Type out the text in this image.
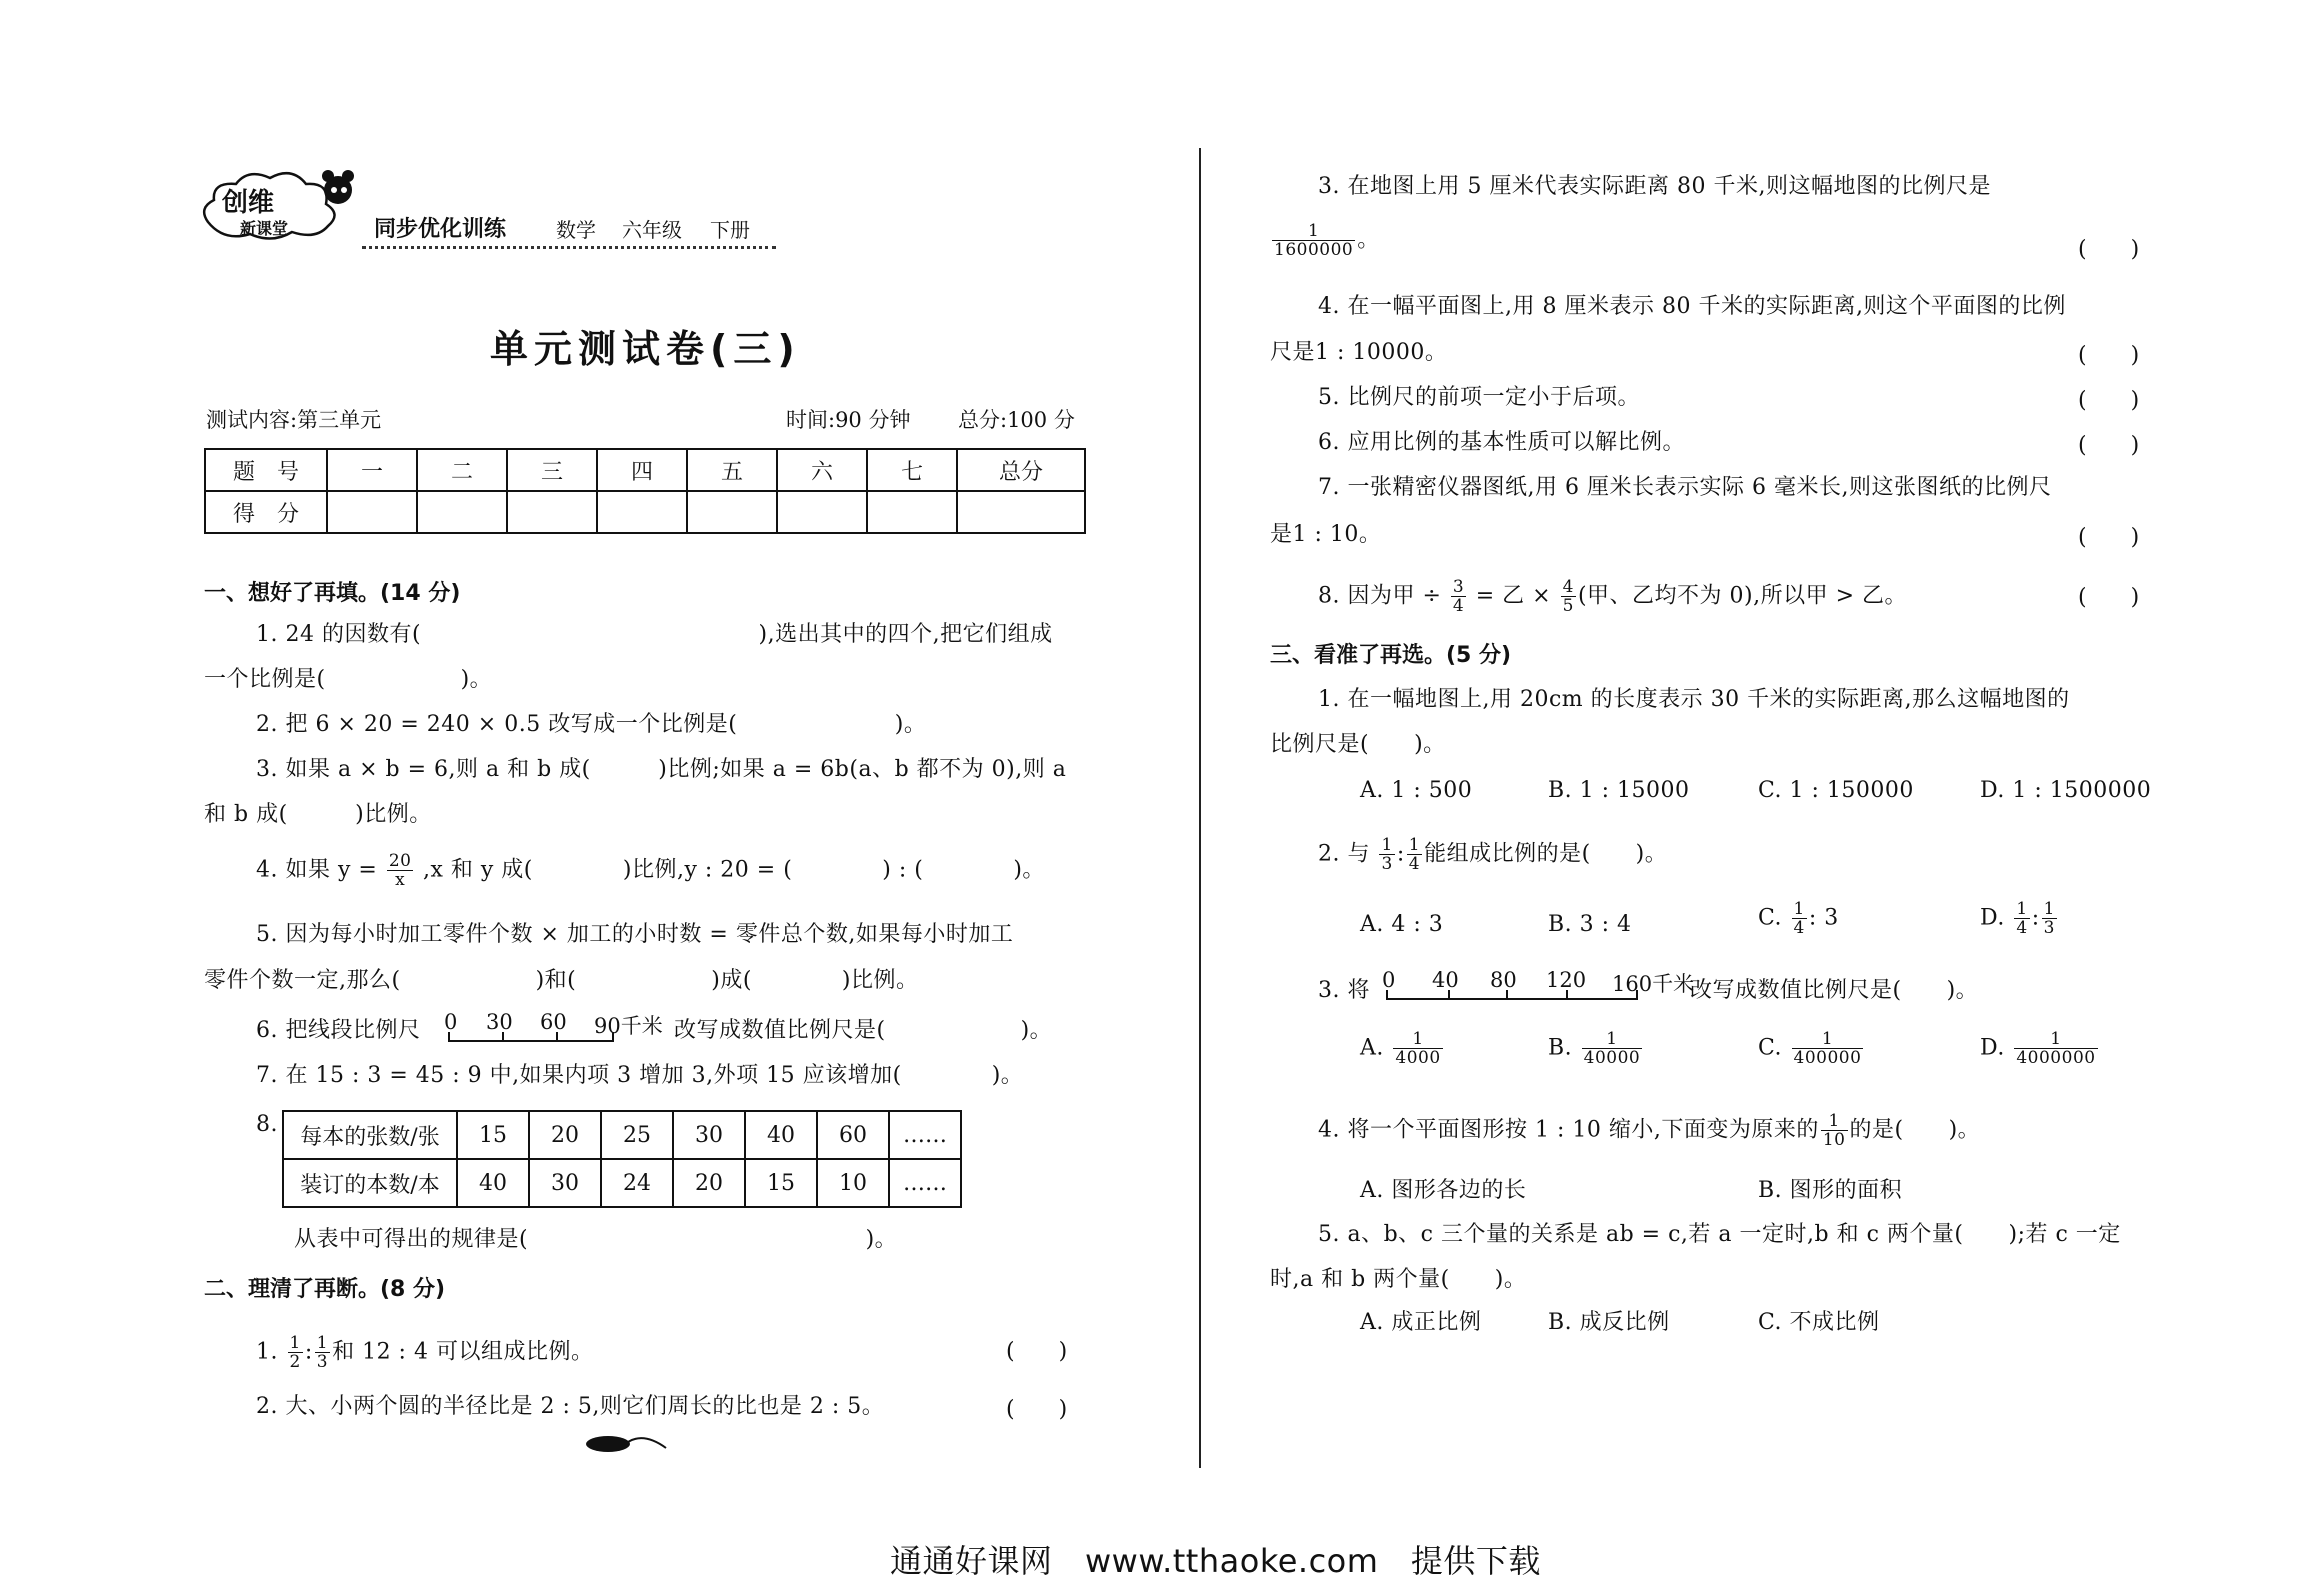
创维
新课堂	同步优化训练 数学 六年级 下册
单元测试卷(三)
测试内容:第三单元	时间:90 分钟 总分:100 分
题　号	一	二	三	四	五	六	七	总分
得　分								
一、想好了再填。(14 分)
1. 24 的因数有(　　　　　　　　　　　　　　　),选出其中的四个,把它们组成
一个比例是(　　　　　　)。
2. 把 6 × 20 = 240 × 0.5 改写成一个比例是(　　　　　　　)。
3. 如果 a × b = 6,则 a 和 b 成(　　　)比例;如果 a = 6b(a、b 都不为 0),则 a
和 b 成(　　　)比例。
4. 如果 $y = \frac{20}{x} ,x$ 和 y 成(　　　　)比例,y : 20 = (　　　　) : (　　　　)。
5. 因为每小时加工零件个数 × 加工的小时数 = 零件总个数,如果每小时加工
零件个数一定,那么(　　　　　　)和(　　　　　　)成(　　　　)比例。
6. 把线段比例尺 0 30 60 90千米 改写成数值比例尺是(　　　　　　)。
7. 在 15 : 3 = 45 : 9 中,如果内项 3 增加 3,外项 15 应该增加(　　　　)。
8. 每本的张数/张	15	20	25	30	40	60	……
装订的本数/本	40	30	24	20	15	10	……
从表中可得出的规律是(　　　　　　　　　　　　　　　)。
二、理清了再断。(8 分)
1. $\frac{1}{2}$ : $\frac{1}{3}$ 和 12 : 4 可以组成比例。	(　　)
2. 大、小两个圆的半径比是 2 : 5,则它们周长的比也是 2 : 5。	(　　)
3. 在地图上用 5 厘米代表实际距离 80 千米,则这幅地图的比例尺是
$\frac{1}{1600000}$ 。	(　　)
4. 在一幅平面图上,用 8 厘米表示 80 千米的实际距离,则这个平面图的比例
尺是1 : 10000。	(　　)
5. 比例尺的前项一定小于后项。	(　　)
6. 应用比例的基本性质可以解比例。	(　　)
7. 一张精密仪器图纸,用 6 厘米长表示实际 6 毫米长,则这张图纸的比例尺
是1 : 10。	(　　)
8. 因为甲 ÷ $\frac{3}{4}$ = 乙 × $\frac{4}{5}$ (甲、乙均不为 0),所以甲 > 乙。	(　　)
三、看准了再选。(5 分)
1. 在一幅地图上,用 20cm 的长度表示 30 千米的实际距离,那么这幅地图的
比例尺是(　　)。
A. 1 : 500	B. 1 : 15000	C. 1 : 150000	D. 1 : 1500000
2. 与 $\frac{1}{3}$ : $\frac{1}{4}$ 能组成比例的是(　　)。
A. 4 : 3	B. 3 : 4	C. $\frac{1}{4}$ : 3	D. $\frac{1}{4}$ : $\frac{1}{3}$
3. 将 0 40 80 120 160千米
改写成数值比例尺是(　　)。
A. $\frac{1}{4000}$	B. $\frac{1}{40000}$	C. $\frac{1}{400000}$	D. $\frac{1}{4000000}$
4. 将一个平面图形按 1 : 10 缩小,下面变为原来的 $\frac{1}{10}$ 的是(　　)。
A. 图形各边的长	B. 图形的面积
5. a、b、c 三个量的关系是 ab = c,若 a 一定时,b 和 c 两个量(　　);若 c 一定
时,a 和 b 两个量(　　)。
A. 成正比例	B. 成反比例	C. 不成比例
通通好课网　www.tthaoke.com　提供下载
